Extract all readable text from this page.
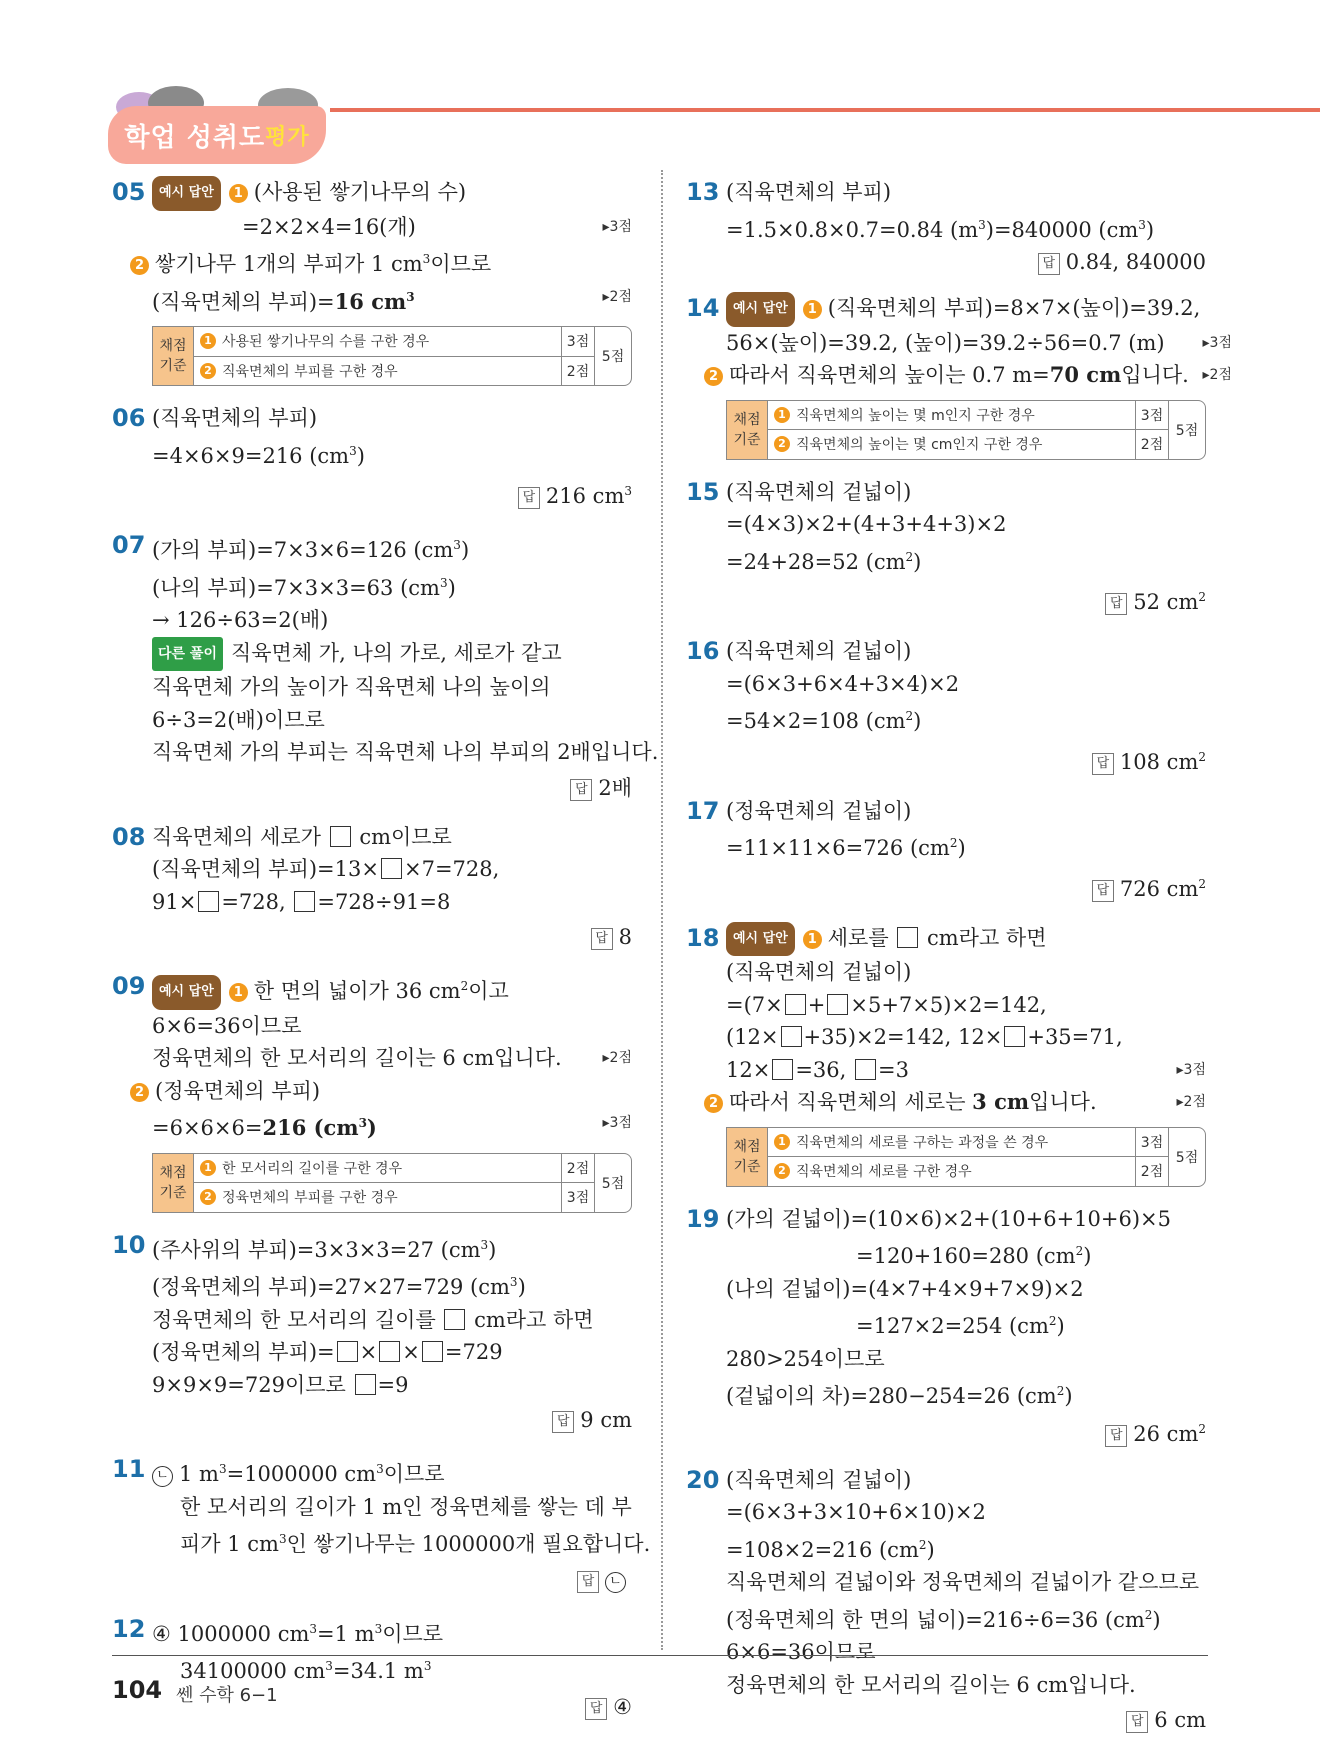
학업 성취도 평가
05	예시 답안 1 (사용된 쌓기나무의 수)
=2×2×4=16(개)	▸3점
2 쌓기나무 1개의 부피가 1 $cm^3$이므로
(직육면체의 부피)=16 $cm^3$	▸2점
채점
기준
1 사용된 쌓기나무의 수를 구한 경우	3점
2 직육면체의 부피를 구한 경우	2점
5점
06 (직육면체의 부피)
=4×6×9=216 $(cm^3)$
답 216 $cm^3$
07 (가의 부피)=7×3×6=126 $(cm^3)$
(나의 부피)=7×3×3=63 $(cm^3)$
→ 126÷63=2(배)
다른 풀이 직육면체 가, 나의 가로, 세로가 같고
직육면체 가의 높이가 직육면체 나의 높이의
6÷3=2(배)이므로
직육면체 가의 부피는 직육면체 나의 부피의 2배입니다.
답 2배
08 직육면체의 세로가  cm이므로
(직육면체의 부피)=13× ×7=728,
91× =728, =728÷91=8
답 8
09	예시 답안 1 한 면의 넓이가 36 $cm^2$이고
6×6=36이므로
정육면체의 한 모서리의 길이는 6 cm입니다.	▸2점
2 (정육면체의 부피)
=6×6×6=216 $(cm^3)$	▸3점
채점
기준
1 한 모서리의 길이를 구한 경우	2점
2 정육면체의 부피를 구한 경우	3점
5점
10 (주사위의 부피)=3×3×3=27 $(cm^3)$
(정육면체의 부피)=27×27=729 $(cm^3)$
정육면체의 한 모서리의 길이를  cm라고 하면
(정육면체의 부피)= × × =729
9×9×9=729이므로 =9
답 9 cm
11 ㄴ 1 $m^3=1000000$ $cm^3$이므로
한 모서리의 길이가 1 m인 정육면체를 쌓는 데 부
피가 1 $cm^3$인 쌓기나무는 1000000개 필요합니다.
답 ㄴ
12 ④ 1000000 $cm^3=1$ $m^3$이므로
34100000 $cm^3=34.1$ $m^3$
답 ④
13 (직육면체의 부피)
=1.5×0.8×0.7=0.84 $(m^3)=840000$ $(cm^3)$
답 0.84, 840000
14	예시 답안 1 (직육면체의 부피)=8×7×(높이)=39.2,
56×(높이)=39.2, (높이)=39.2÷56=0.7 (m)	▸3점
2 따라서 직육면체의 높이는 0.7 m=70 cm입니다. ▸2점
채점
기준
1 직육면체의 높이는 몇 m인지 구한 경우	3점
2 직육면체의 높이는 몇 cm인지 구한 경우	2점
5점
15 (직육면체의 겉넓이)
=(4×3)×2+(4+3+4+3)×2
=24+28=52 $(cm^2)$
답 52 $cm^2$
16 (직육면체의 겉넓이)
=(6×3+6×4+3×4)×2
=54×2=108 $(cm^2)$
답 108 $cm^2$
17 (정육면체의 겉넓이)
=11×11×6=726 $(cm^2)$
답 726 $cm^2$
18	예시 답안 1 세로를  cm라고 하면
(직육면체의 겉넓이)
=(7× + ×5+7×5)×2=142,
(12× +35)×2=142, 12× +35=71,
12× =36, =3	▸3점
2 따라서 직육면체의 세로는 3 cm입니다.	▸2점
채점
기준
1 직육면체의 세로를 구하는 과정을 쓴 경우	3점
2 직육면체의 세로를 구한 경우	2점
5점
19 (가의 겉넓이)=(10×6)×2+(10+6+10+6)×5
=120+160=280 $(cm^2)$
(나의 겉넓이)=(4×7+4×9+7×9)×2
=127×2=254 $(cm^2)$
280>254이므로
(겉넓이의 차)=280−254=26 $(cm^2)$
답 26 $cm^2$
20 (직육면체의 겉넓이)
=(6×3+3×10+6×10)×2
=108×2=216 $(cm^2)$
직육면체의 겉넓이와 정육면체의 겉넓이가 같으므로
(정육면체의 한 면의 넓이)=216÷6=36 $(cm^2)$
6×6=36이므로
정육면체의 한 모서리의 길이는 6 cm입니다.
답 6 cm
104 쎈 수학 6−1
